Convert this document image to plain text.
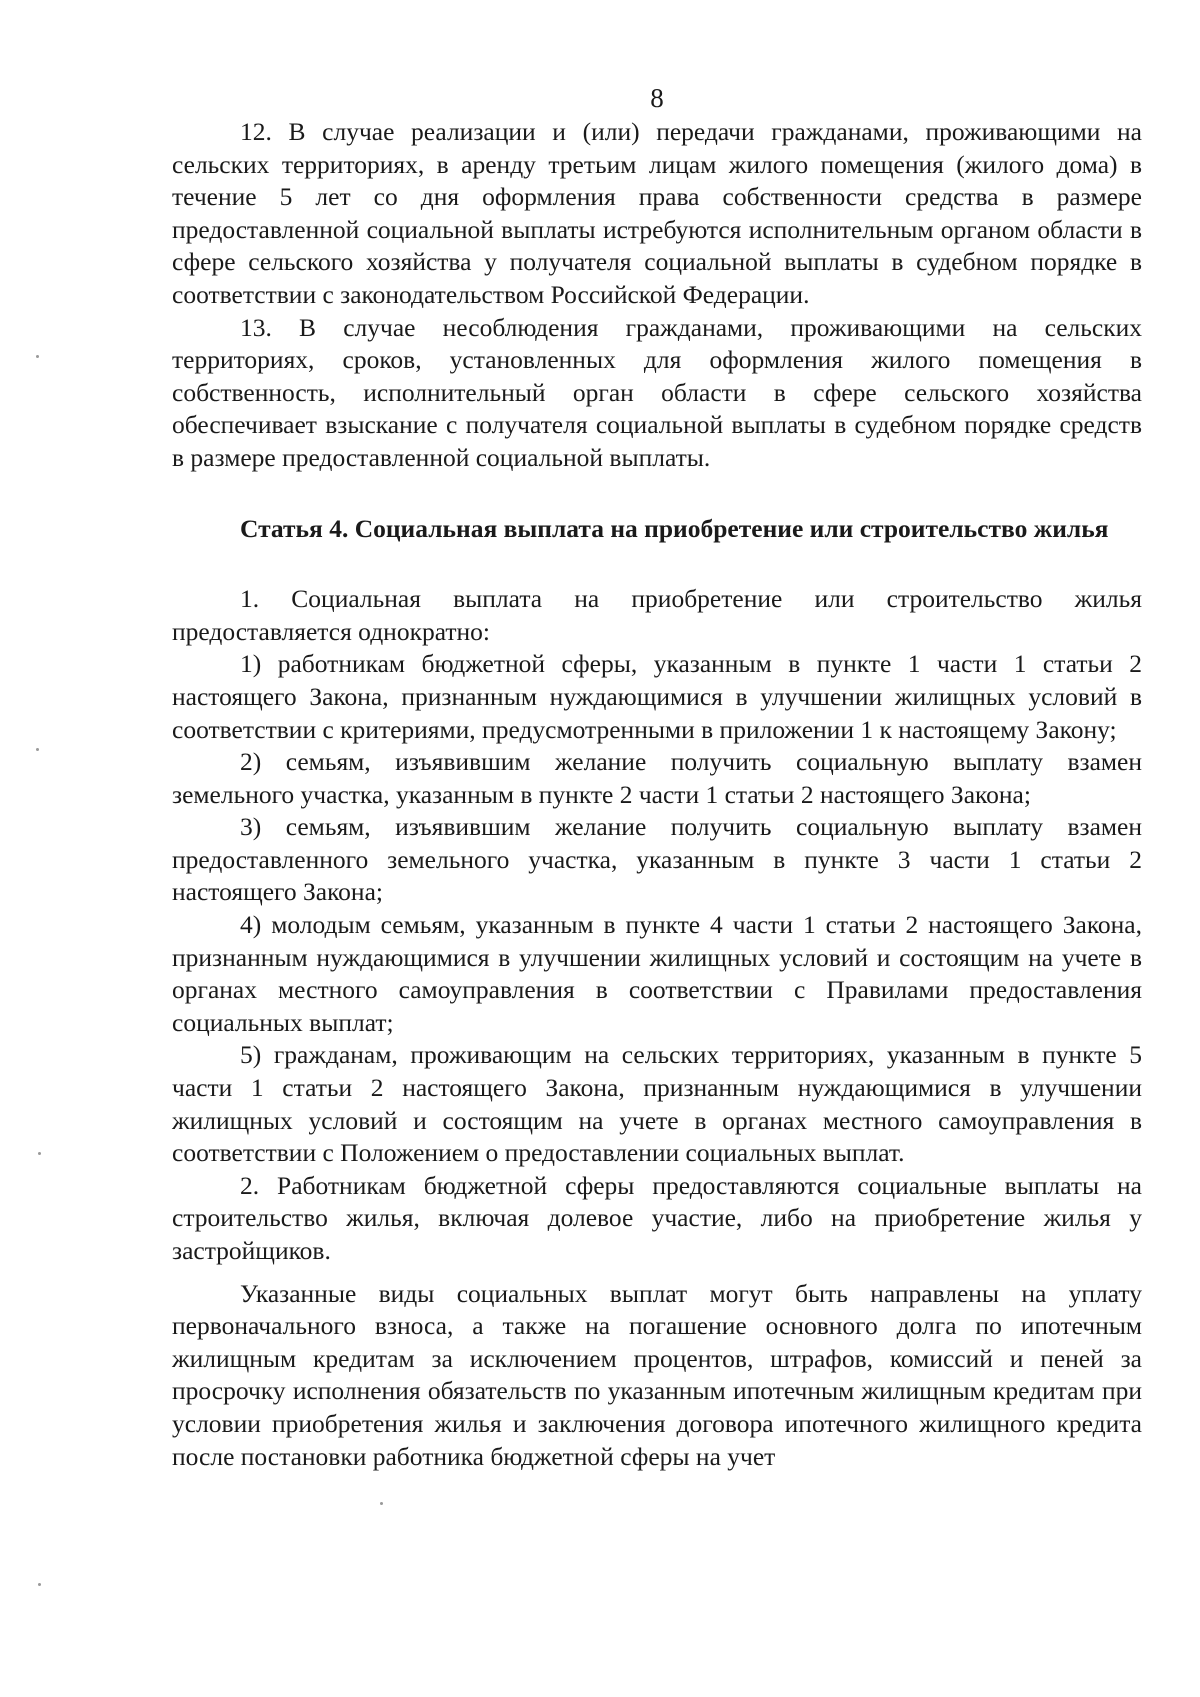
8

12. В случае реализации и (или) передачи гражданами, проживающими на сельских территориях, в аренду третьим лицам жилого помещения (жилого дома) в течение 5 лет со дня оформления права собственности средства в размере предоставленной социальной выплаты истребуются исполнительным органом области в сфере сельского хозяйства у получателя социальной выплаты в судебном порядке в соответствии с законодательством Российской Федерации.

13. В случае несоблюдения гражданами, проживающими на сельских территориях, сроков, установленных для оформления жилого помещения в собственность, исполнительный орган области в сфере сельского хозяйства обеспечивает взыскание с получателя социальной выплаты в судебном порядке средств в размере предоставленной социальной выплаты.

Статья 4. Социальная выплата на приобретение или строительство жилья

1. Социальная выплата на приобретение или строительство жилья предоставляется однократно:

1) работникам бюджетной сферы, указанным в пункте 1 части 1 статьи 2 настоящего Закона, признанным нуждающимися в улучшении жилищных условий в соответствии с критериями, предусмотренными в приложении 1 к настоящему Закону;

2) семьям, изъявившим желание получить социальную выплату взамен земельного участка, указанным в пункте 2 части 1 статьи 2 настоящего Закона;

3) семьям, изъявившим желание получить социальную выплату взамен предоставленного земельного участка, указанным в пункте 3 части 1 статьи 2 настоящего Закона;

4) молодым семьям, указанным в пункте 4 части 1 статьи 2 настоящего Закона, признанным нуждающимися в улучшении жилищных условий и состоящим на учете в органах местного самоуправления в соответствии с Правилами предоставления социальных выплат;

5) гражданам, проживающим на сельских территориях, указанным в пункте 5 части 1 статьи 2 настоящего Закона, признанным нуждающимися в улучшении жилищных условий и состоящим на учете в органах местного самоуправления в соответствии с Положением о предоставлении социальных выплат.

2. Работникам бюджетной сферы предоставляются социальные выплаты на строительство жилья, включая долевое участие, либо на приобретение жилья у застройщиков.

Указанные виды социальных выплат могут быть направлены на уплату первоначального взноса, а также на погашение основного долга по ипотечным жилищным кредитам за исключением процентов, штрафов, комиссий и пеней за просрочку исполнения обязательств по указанным ипотечным жилищным кредитам при условии приобретения жилья и заключения договора ипотечного жилищного кредита после постановки работника бюджетной сферы на учет
